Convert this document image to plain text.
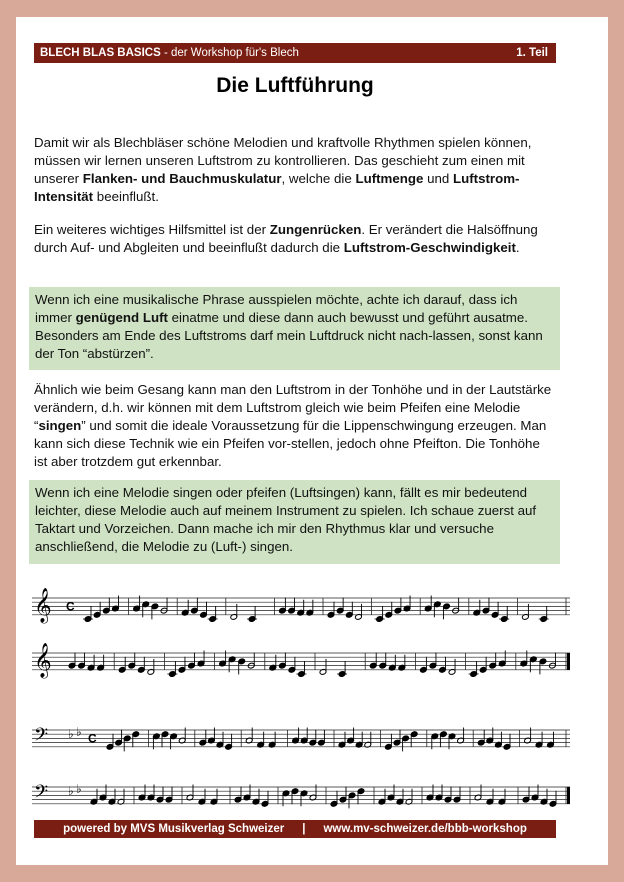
BLECH BLAS BASICS - der Workshop für's Blech	1. Teil
Die Luftführung
Damit wir als Blechbläser schöne Melodien und kraftvolle Rhythmen spielen können, müssen wir lernen unseren Luftstrom zu kontrollieren. Das geschieht zum einen mit unserer Flanken- und Bauchmuskulatur, welche die Luftmenge und Luftstrom-Intensität beeinflußt.
Ein weiteres wichtiges Hilfsmittel ist der Zungenrücken. Er verändert die Halsöffnung durch Auf- und Abgleiten und beeinflußt dadurch die Luftstrom-Geschwindigkeit.
Wenn ich eine musikalische Phrase ausspielen möchte, achte ich darauf, dass ich immer genügend Luft einatme und diese dann auch bewusst und geführt ausatme. Besonders am Ende des Luftstroms darf mein Luftdruck nicht nach-lassen, sonst kann der Ton “abstürzen”.
Ähnlich wie beim Gesang kann man den Luftstrom in der Tonhöhe und in der Lautstärke verändern, d.h. wir können mit dem Luftstrom gleich wie beim Pfeifen eine Melodie “singen” und somit die ideale Voraussetzung für die Lippenschwingung erzeugen. Man kann sich diese Technik wie ein Pfeifen vor-stellen, jedoch ohne Pfeifton. Die Tonhöhe ist aber trotzdem gut erkennbar.
Wenn ich eine Melodie singen oder pfeifen (Luftsingen) kann, fällt es mir bedeutend leichter, diese Melodie auch auf meinem Instrument zu spielen. Ich schaue zuerst auf Taktart und Vorzeichen. Dann mache ich mir den Rhythmus klar und versuche anschließend, die Melodie zu (Luft-) singen.
𝄞 C
𝄞
𝄢 ♭ ♭ C
𝄢 ♭ ♭
powered by MVS Musikverlag Schweizer | www.mv-schweizer.de/bbb-workshop
